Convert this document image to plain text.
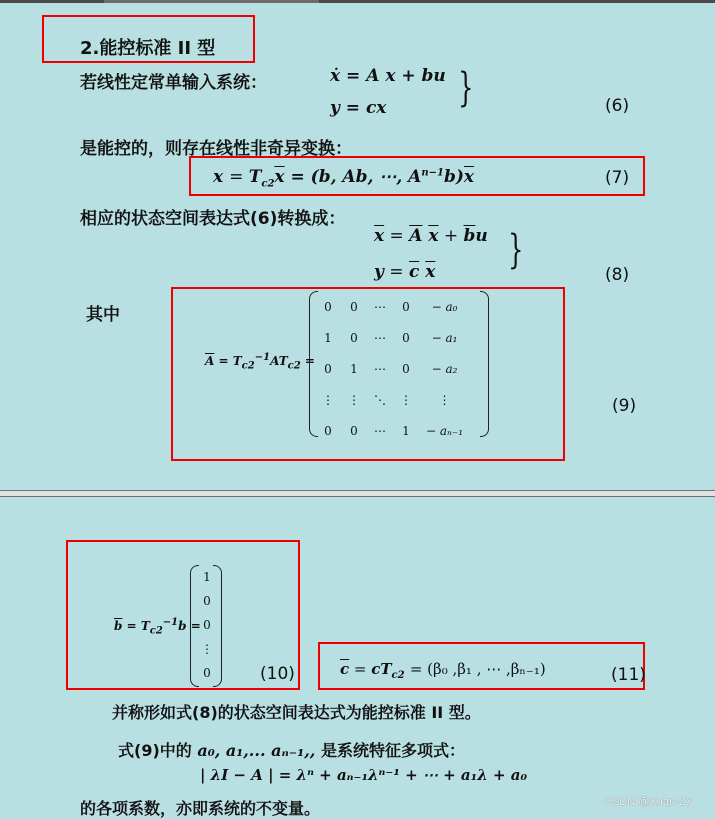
2.能控标准 II 型
若线性定常单输入系统：	ẋ = A x + bu
y = cx }	(6)
是能控的，则存在线性非奇异变换：
$x = T_{c2}\overline{x} = (b$, Ab, ⋯, $A^{n-1}b)\overline{x}$	(7)
相应的状态空间表达式(6)转换成：
$\overline{x} = \overline{A}$ $\overline{x} + \overline{b}u$
$y = \overline{c}$ $\overline{x}$ }
(8)
其中
$\overline{A} = T_{c2}^{-1}AT_{c2}$ =
0	0	⋯	0	− a₀
1	0	⋯	0	− a₁
0	1	⋯	0	− a₂
⋮	⋮	⋱	⋮	⋮
0	0	⋯	1	− aₙ₋₁
(9)
$\overline{b} = T_{c2}^{-1}b$ =
1
0
0
⋮
0	(10)	$\overline{c} = cT_{c2} = (\beta_0$ ,β₁ , ⋯ ,βₙ₋₁)	(11)
并称形如式(8)的状态空间表达式为能控标准 II 型。
式(9)中的 a₀, a₁,... aₙ₋₁,, 是系统特征多项式：
| λI − A | = λⁿ + aₙ₋₁λⁿ⁻¹ + ⋯ + a₁λ + a₀
的各项系数，亦即系统的不变量。	CSDN @Xuan-ZY
